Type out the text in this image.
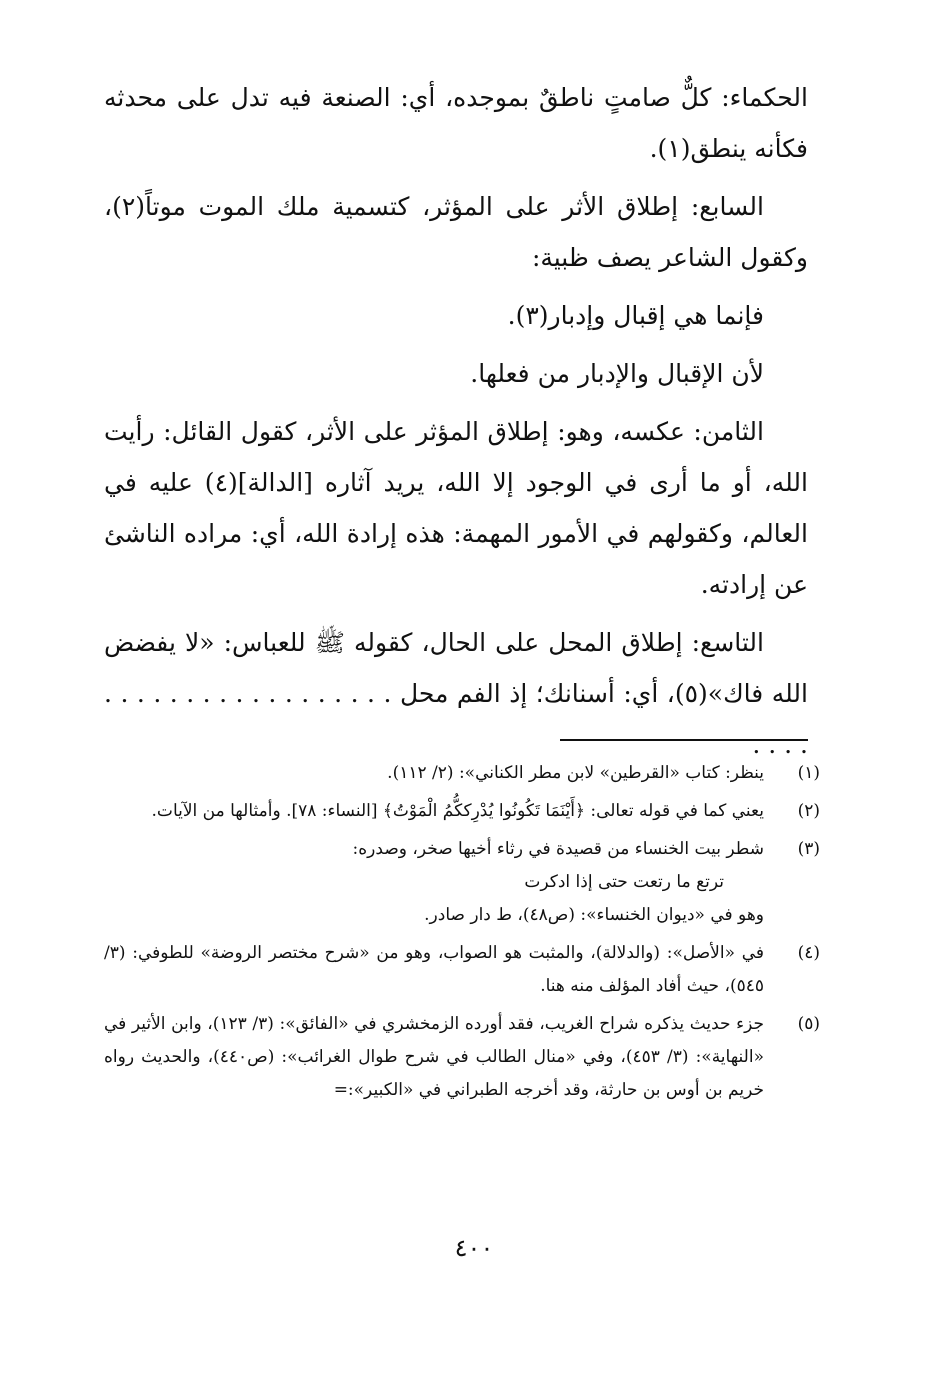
الحكماء: كلٌّ صامتٍ ناطقٌ بموجده، أي: الصنعة فيه تدل على محدثه فكأنه ينطق(١).

السابع: إطلاق الأثر على المؤثر، كتسمية ملك الموت موتاً(٢)، وكقول الشاعر يصف ظبية:

فإنما هي إقبال وإدبار(٣).

لأن الإقبال والإدبار من فعلها.

الثامن: عكسه، وهو: إطلاق المؤثر على الأثر، كقول القائل: رأيت الله، أو ما أرى في الوجود إلا الله، يريد آثاره [الدالة](٤) عليه في العالم، وكقولهم في الأمور المهمة: هذه إرادة الله، أي: مراده الناشئ عن إرادته.

التاسع: إطلاق المحل على الحال، كقوله ﷺ للعباس: «لا يفضض الله فاك»(٥)، أي: أسنانك؛ إذ الفم محل . . . . . . . . . . . . . . . . . . . . . .

(١)
ينظر: كتاب «القرطين» لابن مطر الكناني»: (٢/ ١١٢).
(٢)
يعني كما في قوله تعالى: ﴿أَيْنَمَا تَكُونُوا يُدْرِككُّمُ الْمَوْتُ﴾ [النساء: ٧٨]. وأمثالها من الآيات.
(٣)
شطر بيت الخنساء من قصيدة في رثاء أخيها صخر، وصدره:
ترتع ما رتعت حتى إذا ادكرت
وهو في «ديوان الخنساء»: (ص٤٨)، ط دار صادر.
(٤)
في «الأصل»: (والدلالة)، والمثبت هو الصواب، وهو من «شرح مختصر الروضة» للطوفي: (٣/ ٥٤٥)، حيث أفاد المؤلف منه هنا.
(٥)
جزء حديث يذكره شراح الغريب، فقد أورده الزمخشري في «الفائق»: (٣/ ١٢٣)، وابن الأثير في «النهاية»: (٣/ ٤٥٣)، وفي «منال الطالب في شرح طوال الغرائب»: (ص٤٤٠)، والحديث رواه خريم بن أوس بن حارثة، وقد أخرجه الطبراني في «الكبير»:=
٤٠٠
